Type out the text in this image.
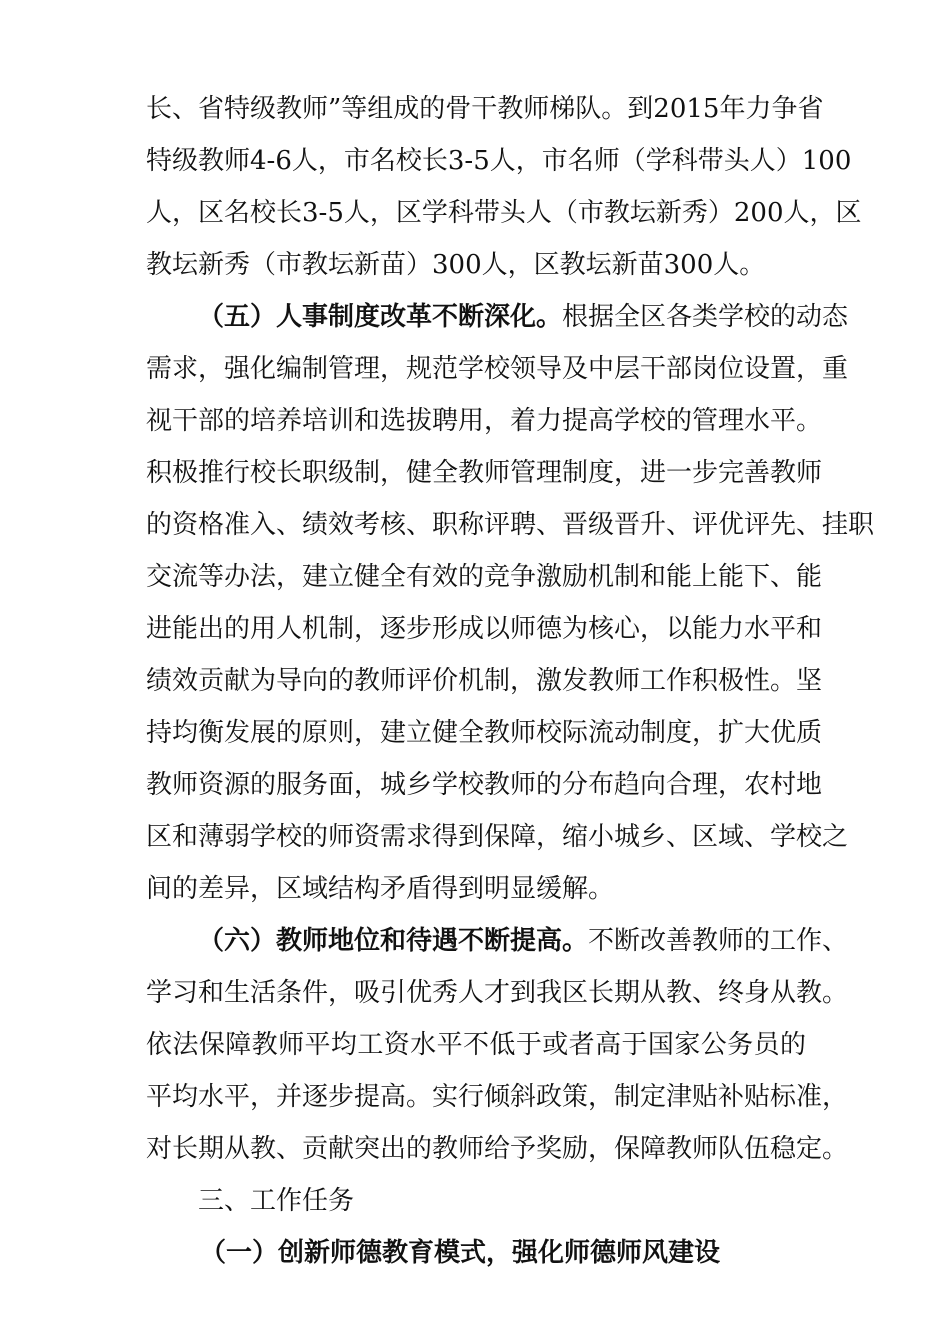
长、省特级教师”等组成的骨干教师梯队。到2015年力争省

特级教师4-6人，市名校长3-5人，市名师（学科带头人）100

人，区名校长3-5人，区学科带头人（市教坛新秀）200人，区

教坛新秀（市教坛新苗）300人，区教坛新苗300人。

（五）人事制度改革不断深化。根据全区各类学校的动态

需求，强化编制管理，规范学校领导及中层干部岗位设置，重

视干部的培养培训和选拔聘用，着力提高学校的管理水平。

积极推行校长职级制，健全教师管理制度，进一步完善教师

的资格准入、绩效考核、职称评聘、晋级晋升、评优评先、挂职

交流等办法，建立健全有效的竞争激励机制和能上能下、能

进能出的用人机制，逐步形成以师德为核心，以能力水平和

绩效贡献为导向的教师评价机制，激发教师工作积极性。坚

持均衡发展的原则，建立健全教师校际流动制度，扩大优质

教师资源的服务面，城乡学校教师的分布趋向合理，农村地

区和薄弱学校的师资需求得到保障，缩小城乡、区域、学校之

间的差异，区域结构矛盾得到明显缓解。

（六）教师地位和待遇不断提高。不断改善教师的工作、

学习和生活条件，吸引优秀人才到我区长期从教、终身从教。

依法保障教师平均工资水平不低于或者高于国家公务员的

平均水平，并逐步提高。实行倾斜政策，制定津贴补贴标准，

对长期从教、贡献突出的教师给予奖励，保障教师队伍稳定。

三、工作任务

（一）创新师德教育模式，强化师德师风建设
